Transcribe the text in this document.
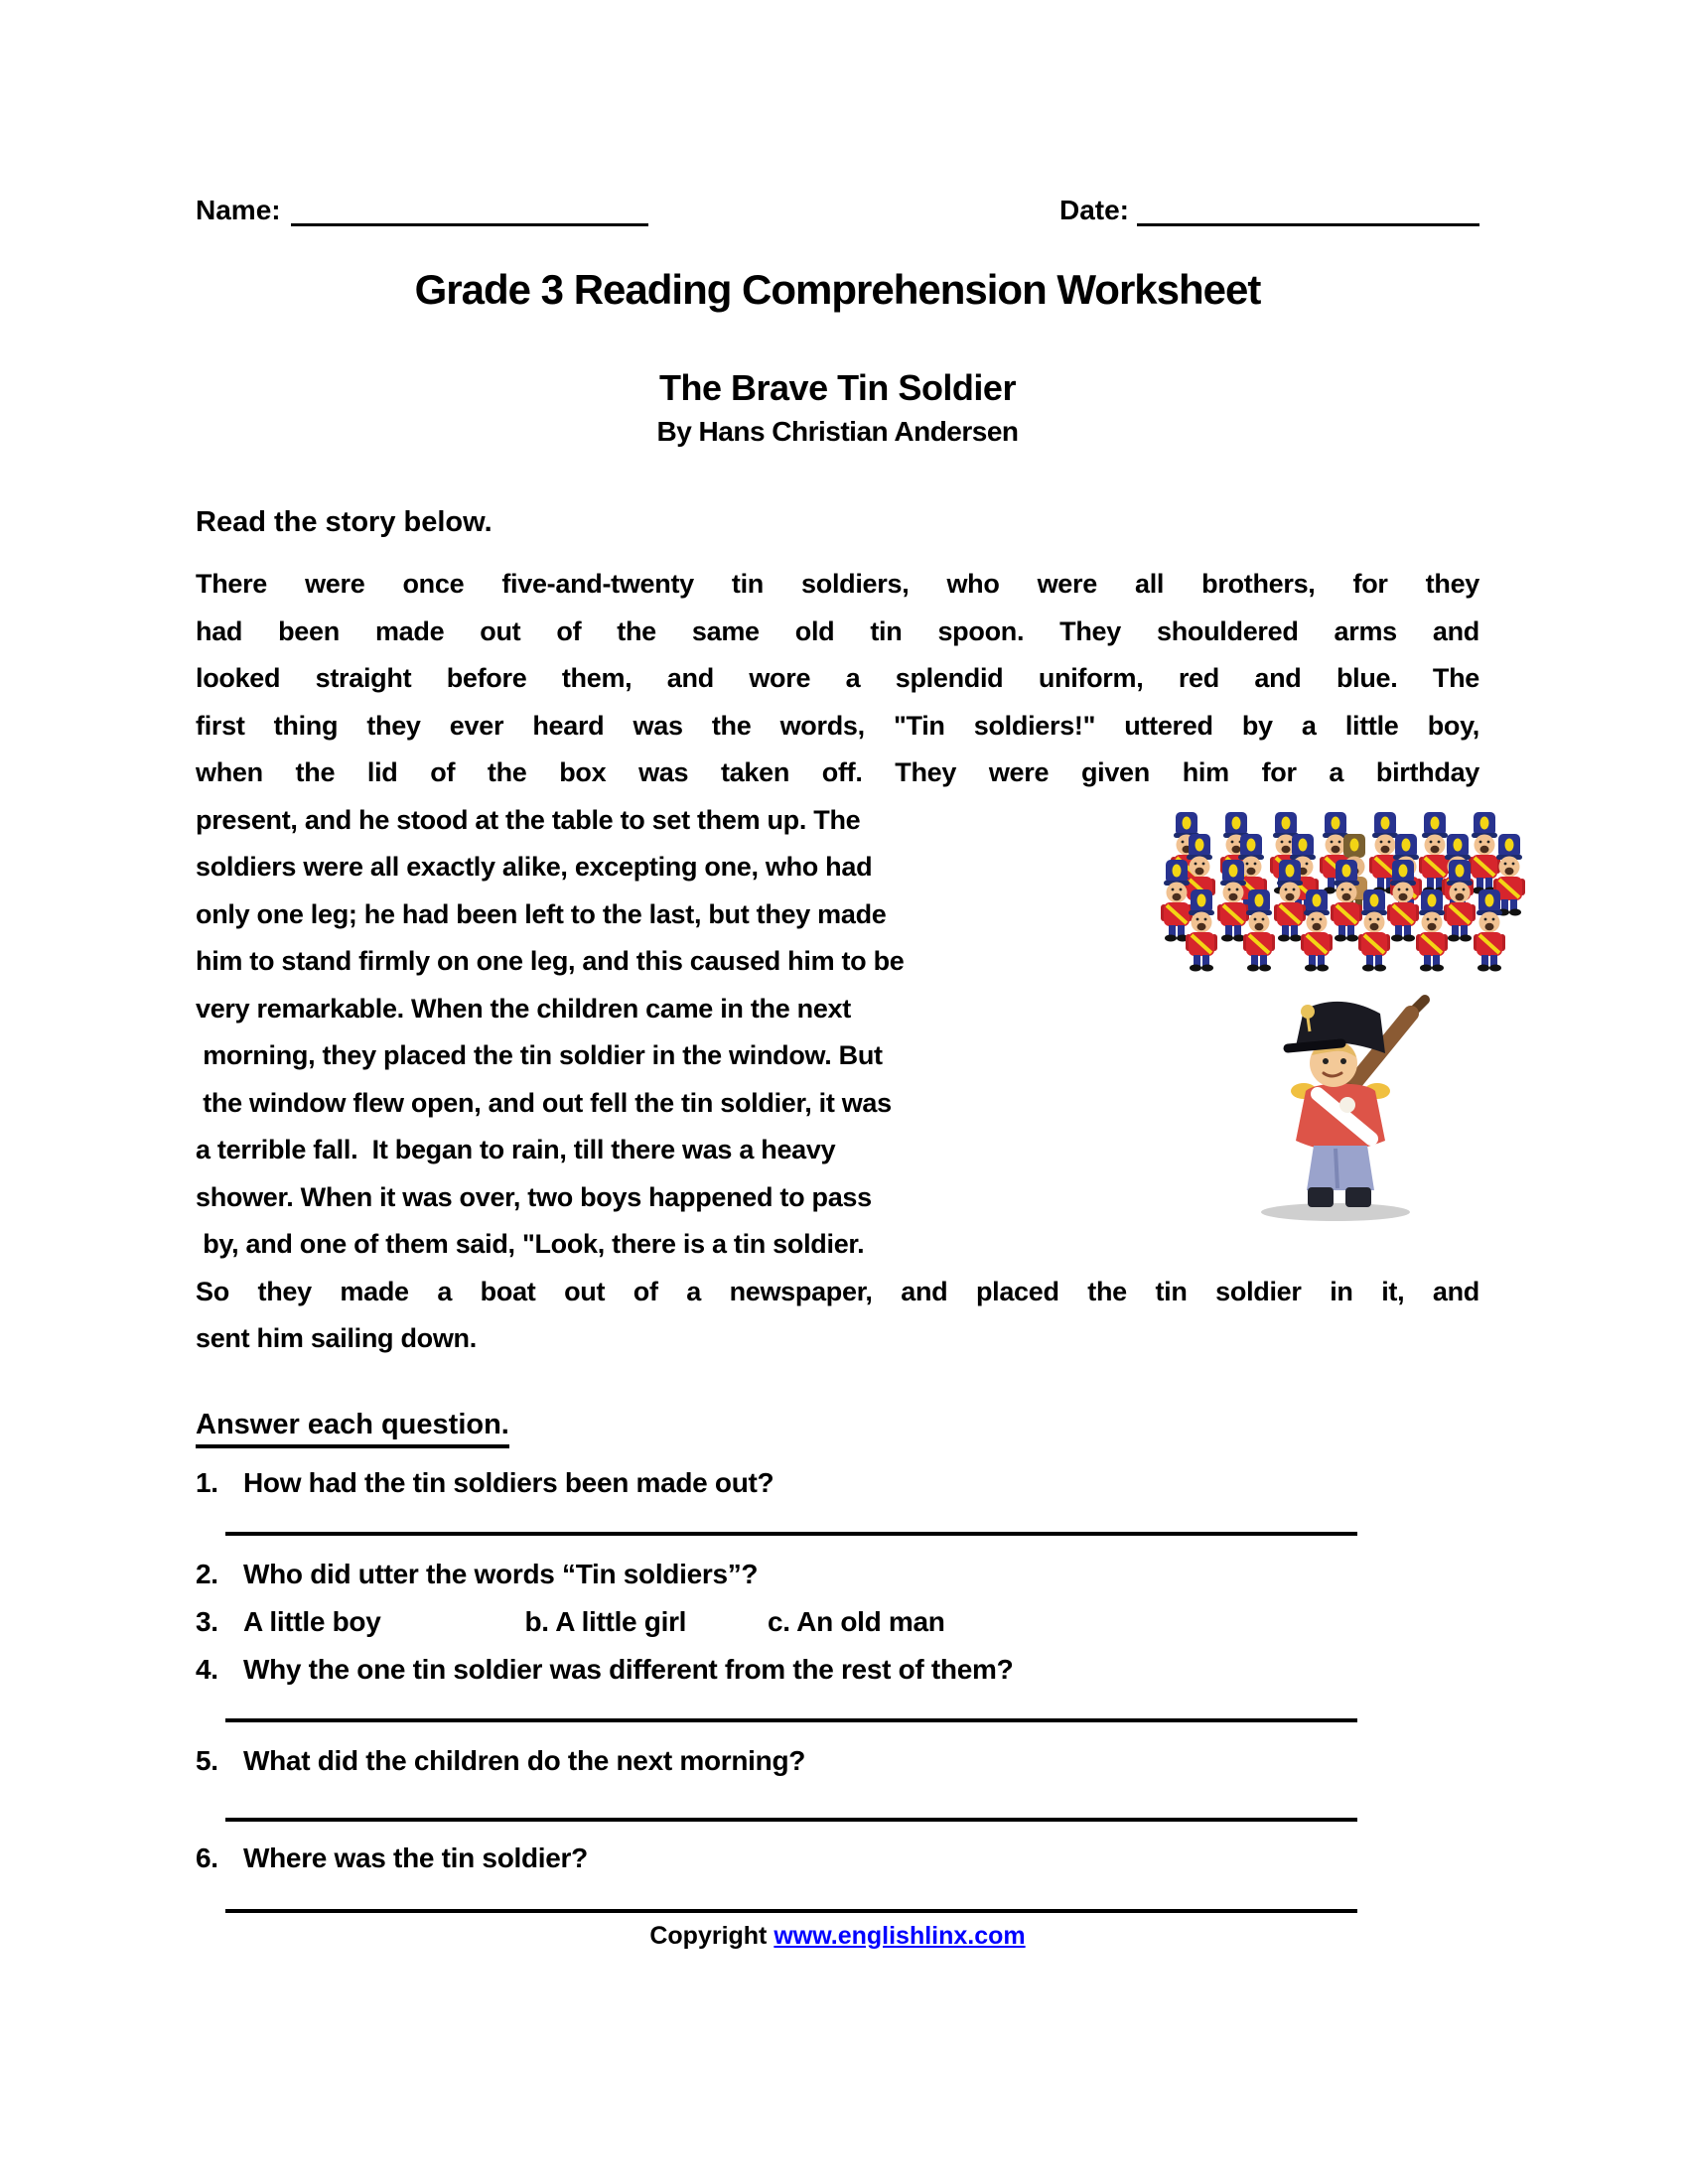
Name:	Date:
Grade 3 Reading Comprehension Worksheet
The Brave Tin Soldier
By Hans Christian Andersen
Read the story below.
There were once five-and-twenty tin soldiers, who were all brothers, for they
had been made out of the same old tin spoon. They shouldered arms and
looked straight before them, and wore a splendid uniform, red and blue. The
first thing they ever heard was the words, "Tin soldiers!" uttered by a little boy,
when the lid of the box was taken off. They were given him for a birthday
present, and he stood at the table to set them up. The
soldiers were all exactly alike, excepting one, who had
only one leg; he had been left to the last, but they made
him to stand firmly on one leg, and this caused him to be
very remarkable. When the children came in the next
morning, they placed the tin soldier in the window. But
the window flew open, and out fell the tin soldier, it was
a terrible fall.  It began to rain, till there was a heavy
shower. When it was over, two boys happened to pass
by, and one of them said, "Look, there is a tin soldier.
So they made a boat out of a newspaper, and placed the tin soldier in it, and
sent him sailing down.
Answer each question.
1. How had the tin soldiers been made out?
2. Who did utter the words “Tin soldiers”?
3. A little boy	b. A little girl	c. An old man
4. Why the one tin soldier was different from the rest of them?
5. What did the children do the next morning?
6. Where was the tin soldier?
Copyright www.englishlinx.com
